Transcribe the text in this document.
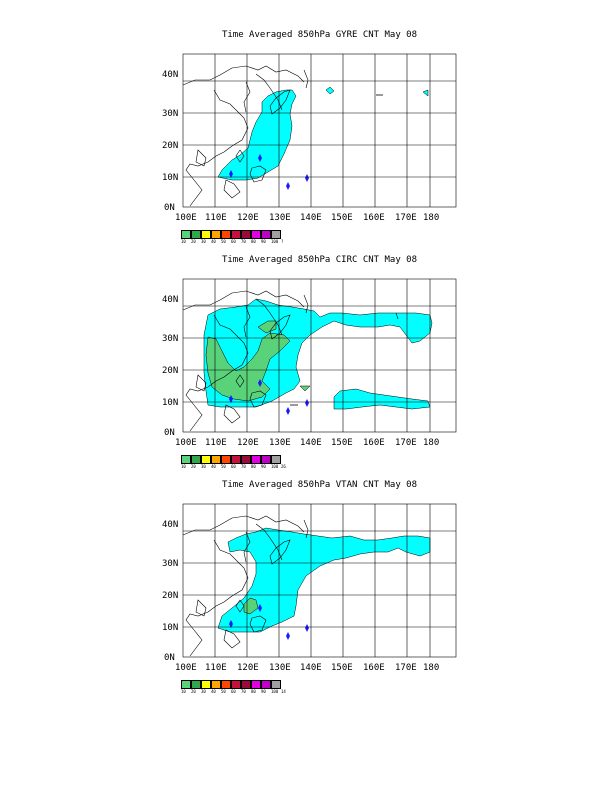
Time Averaged 850hPa GYRE CNT May 08
100E 110E 120E 130E 140E 150E 160E 170E 180
0N
10N
20N
30N
40N
10	20	30	40	50	60	70	80	90	100 ?
Time Averaged 850hPa CIRC CNT May 08
100E 110E 120E 130E 140E 150E 160E 170E 180
0N
10N
20N
30N
40N
10	20	30	40	50	60	70	80	90	100 26
Time Averaged 850hPa VTAN CNT May 08
100E 110E 120E 130E 140E 150E 160E 170E 180
0N
10N
20N
30N
40N
10	20	30	40	50	60	70	80	90	100 14
